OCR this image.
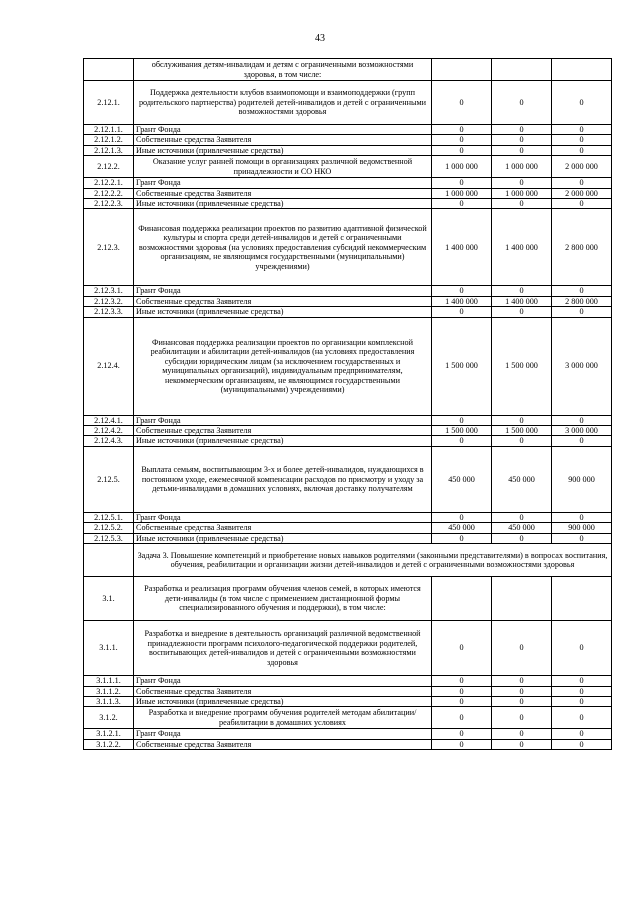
43
	обслуживания детям-инвалидам и детям с ограниченными возможностями здоровья, в том числе:			
2.12.1.	Поддержка деятельности клубов взаимопомощи и взаимоподдержки (групп родительского партнерства) родителей детей-инвалидов и детей с ограниченными возможностями здоровья	0	0	0
2.12.1.1.	Грант Фонда	0	0	0
2.12.1.2.	Собственные средства Заявителя	0	0	0
2.12.1.3.	Иные источники (привлеченные средства)	0	0	0
2.12.2.	Оказание услуг ранней помощи в организациях различной ведомственной принадлежности и СО НКО	1 000 000	1 000 000	2 000 000
2.12.2.1.	Грант Фонда	0	0	0
2.12.2.2.	Собственные средства Заявителя	1 000 000	1 000 000	2 000 000
2.12.2.3.	Иные источники (привлеченные средства)	0	0	0
2.12.3.	Финансовая поддержка реализации проектов по развитию адаптивной физической культуры и спорта среди детей-инвалидов и детей с ограниченными возможностями здоровья (на условиях предоставления субсидий некоммерческим организациям, не являющимся государственными (муниципальными) учреждениями)	1 400 000	1 400 000	2 800 000
2.12.3.1.	Грант Фонда	0	0	0
2.12.3.2.	Собственные средства Заявителя	1 400 000	1 400 000	2 800 000
2.12.3.3.	Иные источники (привлеченные средства)	0	0	0
2.12.4.	Финансовая поддержка реализации проектов по организации комплексной реабилитации и абилитации детей-инвалидов (на условиях предоставления субсидии юридическим лицам (за исключением государственных и муниципальных организаций), индивидуальным предпринимателям, некоммерческим организациям, не являющимся государственными (муниципальными) учреждениями)	1 500 000	1 500 000	3 000 000
2.12.4.1.	Грант Фонда	0	0	0
2.12.4.2.	Собственные средства Заявителя	1 500 000	1 500 000	3 000 000
2.12.4.3.	Иные источники (привлеченные средства)	0	0	0
2.12.5.	Выплата семьям, воспитывающим 3-х и более детей-инвалидов, нуждающихся в постоянном уходе, ежемесячной компенсации расходов по присмотру и уходу за детьми-инвалидами в домашних условиях, включая доставку получателям	450 000	450 000	900 000
2.12.5.1.	Грант Фонда	0	0	0
2.12.5.2.	Собственные средства Заявителя	450 000	450 000	900 000
2.12.5.3.	Иные источники (привлеченные средства)	0	0	0
	Задача 3. Повышение компетенций и приобретение новых навыков родителями (законными представителями) в вопросах воспитания, обучения, реабилитации и организации жизни детей-инвалидов и детей с ограниченными возможностями здоровья			
3.1.	Разработка и реализация программ обучения членов семей, в которых имеются дети-инвалиды (в том числе с применением дистанционной формы специализированного обучения и поддержки), в том числе:			
3.1.1.	Разработка и внедрение в деятельность организаций различной ведомственной принадлежности программ психолого-педагогической поддержки родителей, воспитывающих детей-инвалидов и детей с ограниченными возможностями здоровья	0	0	0
3.1.1.1.	Грант Фонда	0	0	0
3.1.1.2.	Собственные средства Заявителя	0	0	0
3.1.1.3.	Иные источники (привлеченные средства)	0	0	0
3.1.2.	Разработка и внедрение программ обучения родителей методам абилитации/реабилитации в домашних условиях	0	0	0
3.1.2.1.	Грант Фонда	0	0	0
3.1.2.2.	Собственные средства Заявителя	0	0	0
